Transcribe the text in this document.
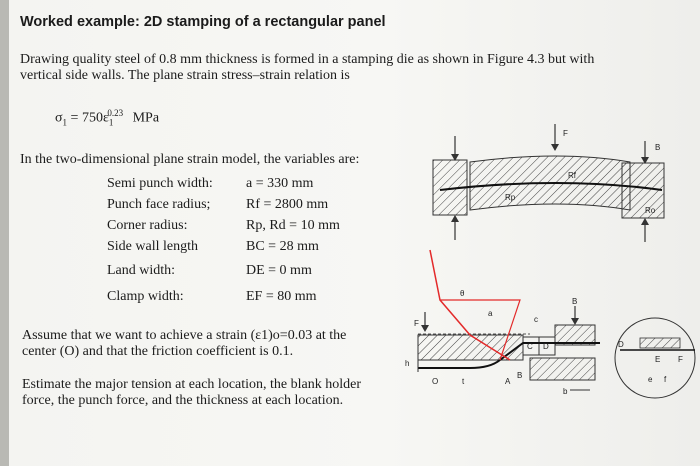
Worked example: 2D stamping of a rectangular panel
Drawing quality steel of 0.8 mm thickness is formed in a stamping die as shown in Figure 4.3 but with
vertical side walls. The plane strain stress–strain relation is
$\sigma_1 = 750\varepsilon_1^{0.23}$ MPa
In the two-dimensional plane strain model, the variables are:
Semi punch width: a = 330 mm
Punch face radius;	Rf = 2800 mm
Corner radius:	Rp, Rd = 10 mm
Side wall length	BC = 28 mm
Land width:	DE = 0 mm
Clamp width:	EF = 80 mm
Assume that we want to achieve a strain (ε1)o=0.03 at the
center (O) and that the friction coefficient is 0.1.
Estimate the major tension at each location, the blank holder
force, the punch force, and the thickness at each location.
F
B
Rp
Rf
Ro
F
B
a
c
C D
O	A
B
b
h
θ
t
D
E F
e f
